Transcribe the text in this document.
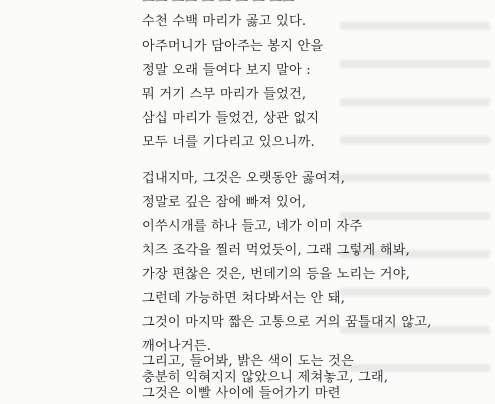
ㅡㅡ ㅡㅡ ㅡ ㅡ ㅡ ㅡ ㅡㅡ
수천 수백 마리가 곯고 있다.
아주머니가 담아주는 봉지 안을
정말 오래 들여다 보지 말아 :
뭐 거기 스무 마리가 들었건,
삼십 마리가 들었건, 상관 없지
모두 너를 기다리고 있으니까.
겁내지마, 그것은 오랫동안 곯여져,
정말로 깊은 잠에 빠져 있어,
이쑤시개를 하나 들고, 네가 이미 자주
치즈 조각을 찔러 먹었듯이, 그래 그렇게 해봐,
가장 편찮은 것은, 번데기의 등을 노리는 거야,
그런데 가능하면 쳐다봐서는 안 돼,
그것이 마지막 짧은 고통으로 거의 꿈틀대지 않고,
깨어나거든.
그리고, 들어봐, 밝은 색이 도는 것은
충분히 익혀지지 않았으니 제쳐놓고, 그래,
그것은 이빨 사이에 들어가기 마련
